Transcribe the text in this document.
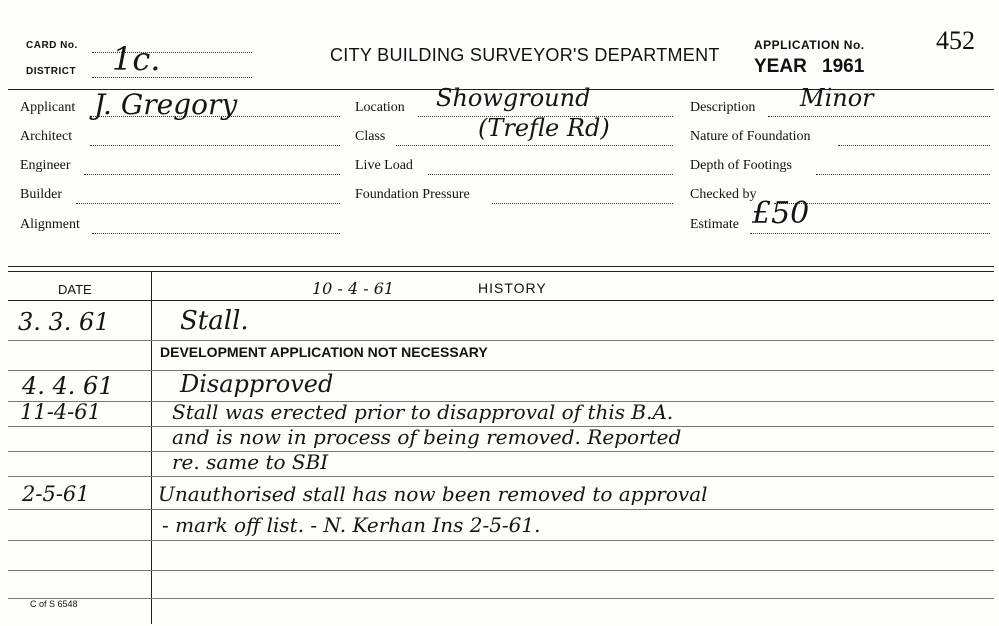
CARD No.
DISTRICT 1c.	CITY BUILDING SURVEYOR'S DEPARTMENT	APPLICATION No.	452
YEAR 1961
Applicant J. Gregory
Architect
Engineer
Builder
Alignment
Location Showground
Class	(Trefle Rd)
Live Load
Foundation Pressure
Description Minor
Nature of Foundation
Depth of Footings
Checked by
Estimate £50
DATE	HISTORY
10 - 4 - 61
3. 3. 61	Stall.
DEVELOPMENT APPLICATION NOT NECESSARY
4. 4. 61	Disapproved
11-4-61	Stall was erected prior to disapproval of this B.A.
and is now in process of being removed. Reported
re. same to SBI
2-5-61	Unauthorised stall has now been removed to approval
- mark off list. - N. Kerhan Ins 2-5-61.
C of S 6548
